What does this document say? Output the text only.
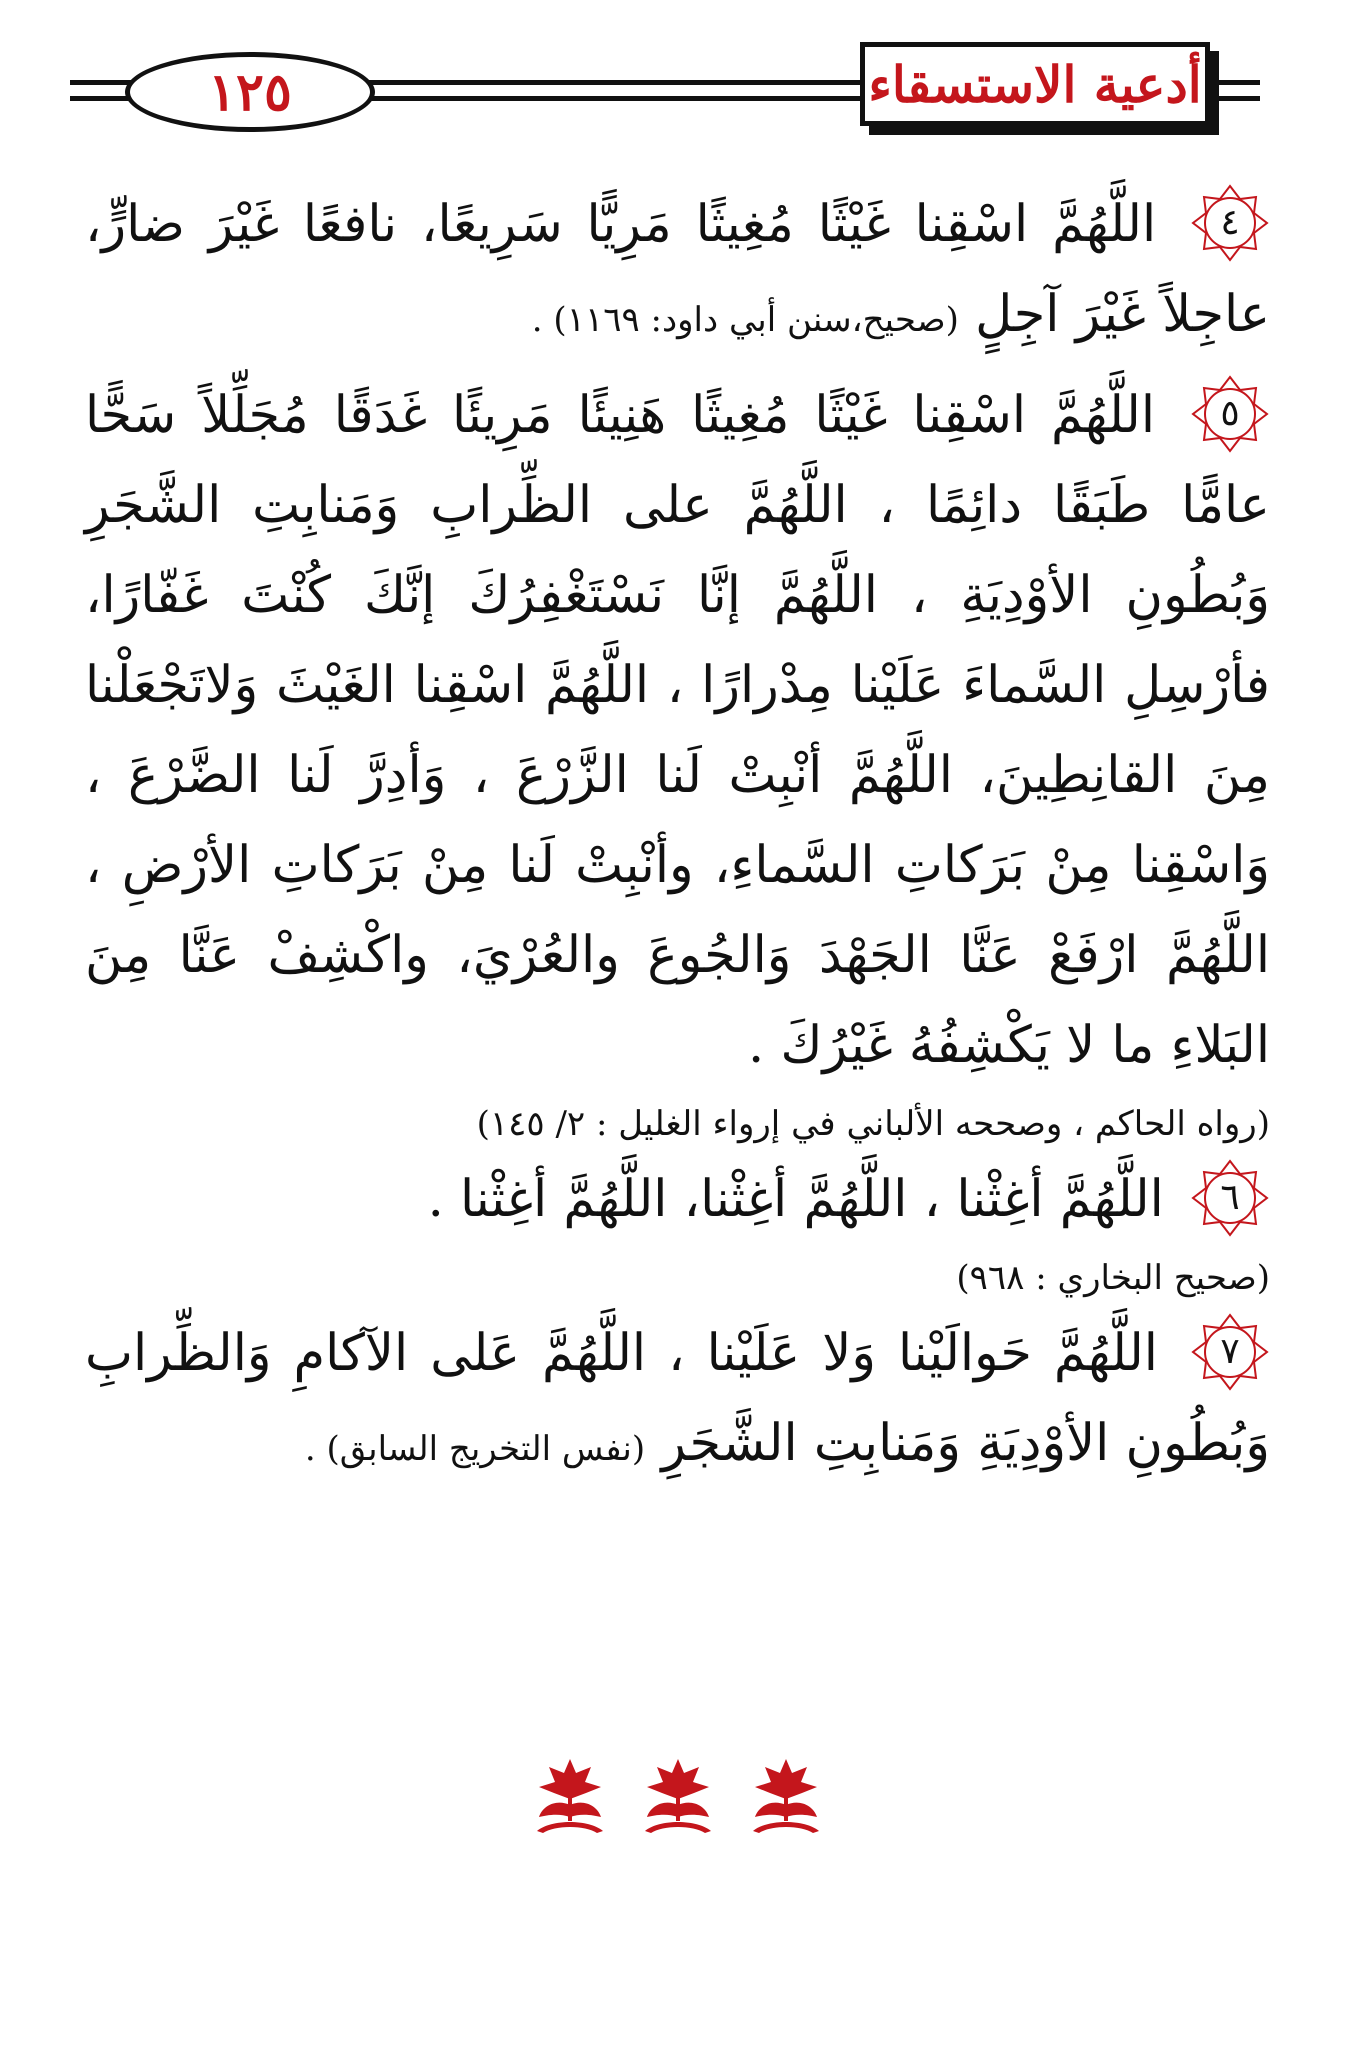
١٢٥	أدعية الاستسقاء

٤
اللَّهُمَّ اسْقِنا غَيْثًا مُغِيثًا مَرِيًّا سَرِيعًا، نافعًا غَيْرَ ضارٍّ، عاجِلاً غَيْرَ آجِلٍ (صحيح،سنن أبي داود: ١١٦٩) .

٥
اللَّهُمَّ اسْقِنا غَيْثًا مُغِيثًا هَنِيئًا مَرِيئًا غَدَقًا مُجَلِّلاً سَحًّا عامًّا طَبَقًا دائِمًا ، اللَّهُمَّ على الظِّرابِ وَمَنابِتِ الشَّجَرِ وَبُطُونِ الأوْدِيَةِ ، اللَّهُمَّ إنَّا نَسْتَغْفِرُكَ إنَّكَ كُنْتَ غَفّارًا، فأرْسِلِ السَّماءَ عَلَيْنا مِدْرارًا ، اللَّهُمَّ اسْقِنا الغَيْثَ وَلاتَجْعَلْنا مِنَ القانِطِينَ، اللَّهُمَّ أنْبِتْ لَنا الزَّرْعَ ، وَأدِرَّ لَنا الضَّرْعَ ، وَاسْقِنا مِنْ بَرَكاتِ السَّماءِ، وأنْبِتْ لَنا مِنْ بَرَكاتِ الأرْضِ ، اللَّهُمَّ ارْفَعْ عَنَّا الجَهْدَ وَالجُوعَ والعُرْيَ، واكْشِفْ عَنَّا مِنَ البَلاءِ ما لا يَكْشِفُهُ غَيْرُكَ .

(رواه الحاكم ، وصححه الألباني في إرواء الغليل : ٢/ ١٤٥)

٦
اللَّهُمَّ أغِثْنا ، اللَّهُمَّ أغِثْنا، اللَّهُمَّ أغِثْنا .

(صحيح البخاري : ٩٦٨)

٧
اللَّهُمَّ حَوالَيْنا وَلا عَلَيْنا ، اللَّهُمَّ عَلى الآكامِ وَالظِّرابِ وَبُطُونِ الأوْدِيَةِ وَمَنابِتِ الشَّجَرِ (نفس التخريج السابق) .
